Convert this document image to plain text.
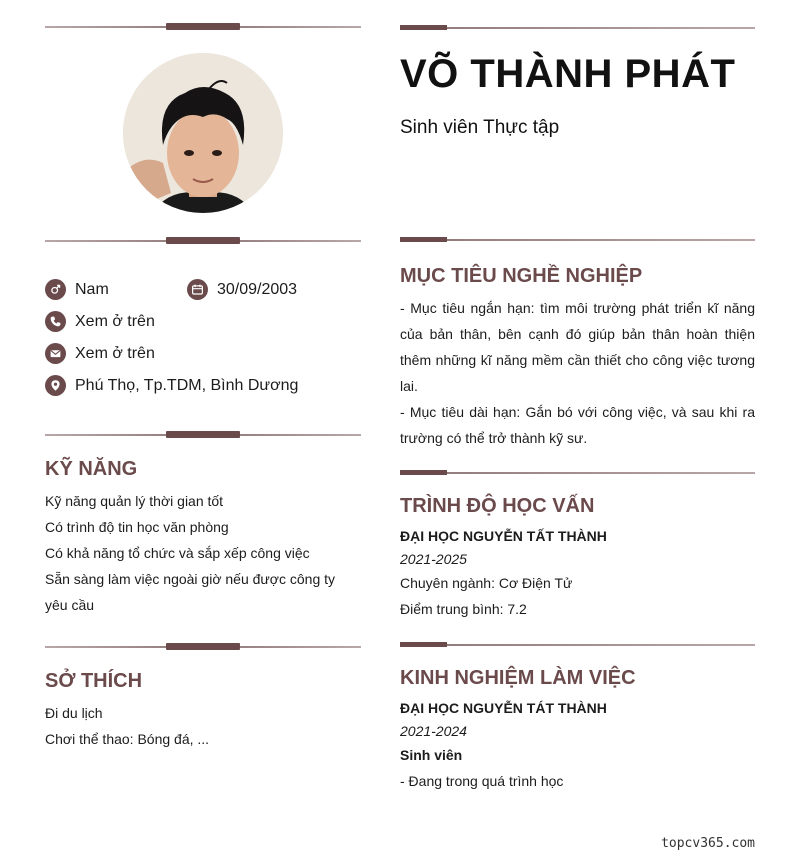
Nam	30/09/2003
Xem ở trên
Xem ở trên
Phú Thọ, Tp.TDM, Bình Dương
KỸ NĂNG
Kỹ năng quản lý thời gian tốt
Có trình độ tin học văn phòng
Có khả năng tổ chức và sắp xếp công việc
Sẵn sàng làm việc ngoài giờ nếu được công ty yêu cầu
SỞ THÍCH
Đi du lịch
Chơi thể thao: Bóng đá, ...
VÕ THÀNH PHÁT
Sinh viên Thực tập
MỤC TIÊU NGHỀ NGHIỆP
- Mục tiêu ngắn hạn: tìm môi trường phát triển kĩ năng của bản thân, bên cạnh đó giúp bản thân hoàn thiện thêm những kĩ năng mềm cần thiết cho công việc tương lai.
- Mục tiêu dài hạn: Gắn bó với công việc, và sau khi ra trường có thể trở thành kỹ sư.
TRÌNH ĐỘ HỌC VẤN
ĐẠI HỌC NGUYỄN TẤT THÀNH
2021-2025
Chuyên ngành: Cơ Điện Tử
Điểm trung bình: 7.2
KINH NGHIỆM LÀM VIỆC
ĐẠI HỌC NGUYỄN TÁT THÀNH
2021-2024
Sinh viên
- Đang trong quá trình học
topcv365.com
